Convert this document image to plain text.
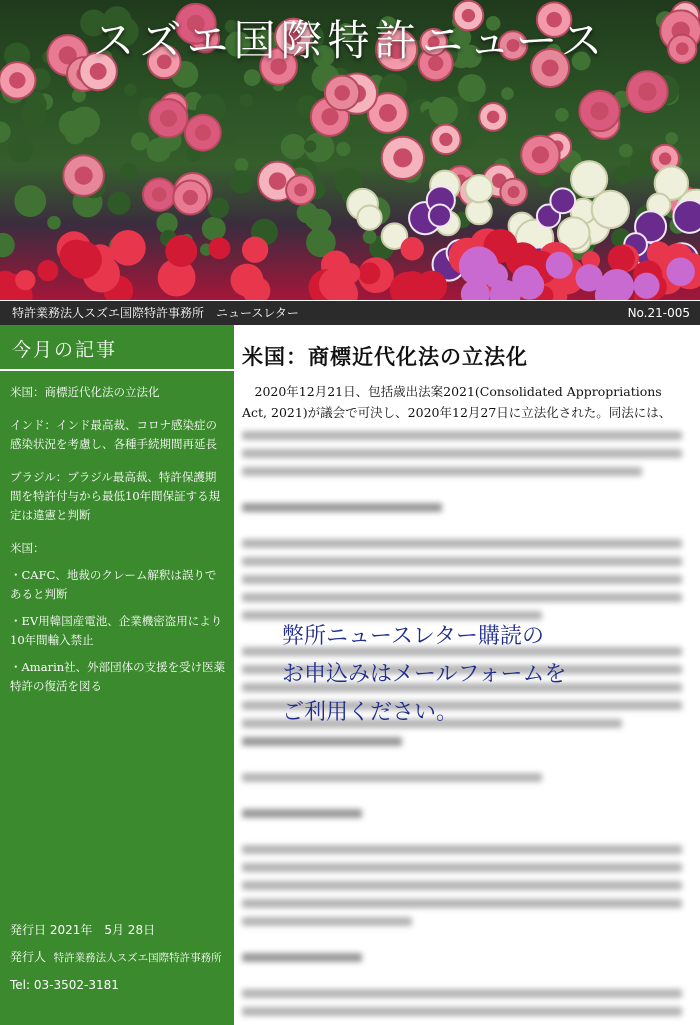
スズエ国際特許ニュース
特許業務法人スズエ国際特許事務所　ニュースレター	No.21-005
今月の記事

米国：商標近代化法の立法化

インド：インド最高裁、コロナ感染症の感染状況を考慮し、各種手続期間再延長

ブラジル：ブラジル最高裁、特許保護期間を特許付与から最低10年間保証する規定は違憲と判断

米国：

・CAFC、地裁のクレーム解釈は誤りであると判断

・EV用韓国産電池、企業機密盗用により10年間輸入禁止

・Amarin社、外部団体の支援を受け医薬特許の復活を図る

発行日 2021年　5月 28日
発行人 特許業務法人スズエ国際特許事務所
Tel: 03-3502-3181
米国：商標近代化法の立法化

2020年12月21日、包括歳出法案2021(Consolidated Appropriations Act, 2021)が議会で可決し、2020年12月27日に立法化された。同法には、

弊所ニュースレター購読の
お申込みはメールフォームを
ご利用ください。
